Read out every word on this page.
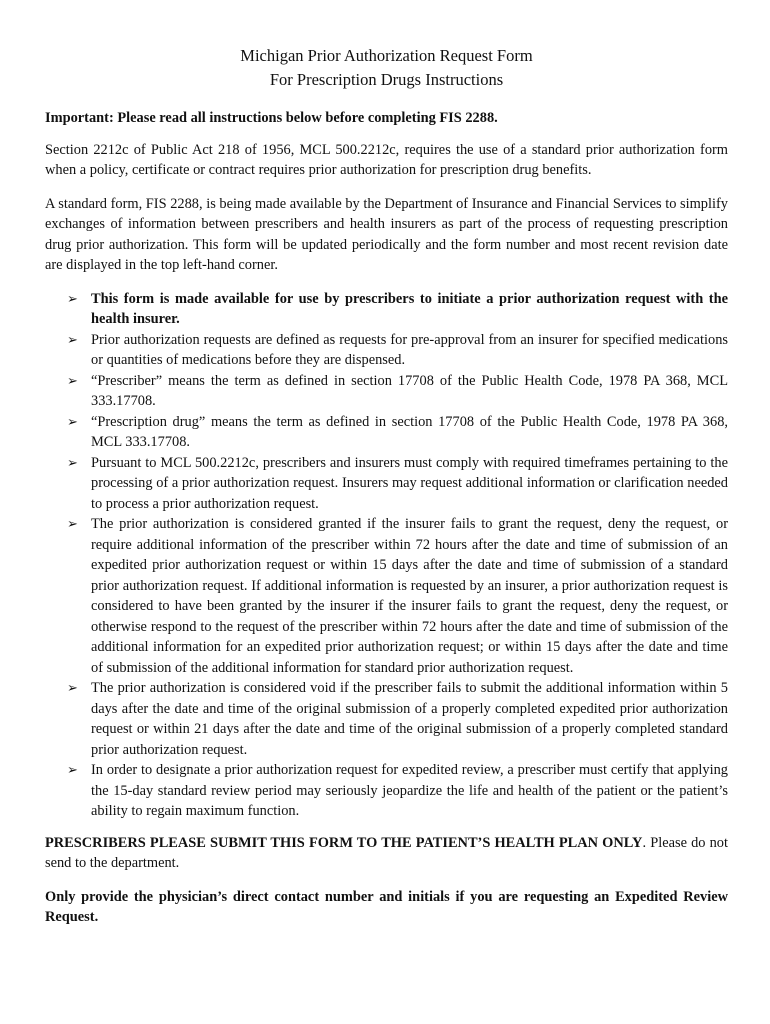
Michigan Prior Authorization Request Form
For Prescription Drugs Instructions

Important: Please read all instructions below before completing FIS 2288.

Section 2212c of Public Act 218 of 1956, MCL 500.2212c, requires the use of a standard prior authorization form when a policy, certificate or contract requires prior authorization for prescription drug benefits.

A standard form, FIS 2288, is being made available by the Department of Insurance and Financial Services to simplify exchanges of information between prescribers and health insurers as part of the process of requesting prescription drug prior authorization. This form will be updated periodically and the form number and most recent revision date are displayed in the top left-hand corner.

➢ This form is made available for use by prescribers to initiate a prior authorization request with the health insurer.
➢ Prior authorization requests are defined as requests for pre-approval from an insurer for specified medications or quantities of medications before they are dispensed.
➢ “Prescriber” means the term as defined in section 17708 of the Public Health Code, 1978 PA 368, MCL 333.17708.
➢ “Prescription drug” means the term as defined in section 17708 of the Public Health Code, 1978 PA 368, MCL 333.17708.
➢ Pursuant to MCL 500.2212c, prescribers and insurers must comply with required timeframes pertaining to the processing of a prior authorization request. Insurers may request additional information or clarification needed to process a prior authorization request.
➢ The prior authorization is considered granted if the insurer fails to grant the request, deny the request, or require additional information of the prescriber within 72 hours after the date and time of submission of an expedited prior authorization request or within 15 days after the date and time of submission of a standard prior authorization request. If additional information is requested by an insurer, a prior authorization request is considered to have been granted by the insurer if the insurer fails to grant the request, deny the request, or otherwise respond to the request of the prescriber within 72 hours after the date and time of submission of the additional information for an expedited prior authorization request; or within 15 days after the date and time of submission of the additional information for standard prior authorization request.
➢ The prior authorization is considered void if the prescriber fails to submit the additional information within 5 days after the date and time of the original submission of a properly completed expedited prior authorization request or within 21 days after the date and time of the original submission of a properly completed standard prior authorization request.
➢ In order to designate a prior authorization request for expedited review, a prescriber must certify that applying the 15-day standard review period may seriously jeopardize the life and health of the patient or the patient’s ability to regain maximum function.

PRESCRIBERS PLEASE SUBMIT THIS FORM TO THE PATIENT’S HEALTH PLAN ONLY. Please do not send to the department.

Only provide the physician’s direct contact number and initials if you are requesting an Expedited Review Request.
